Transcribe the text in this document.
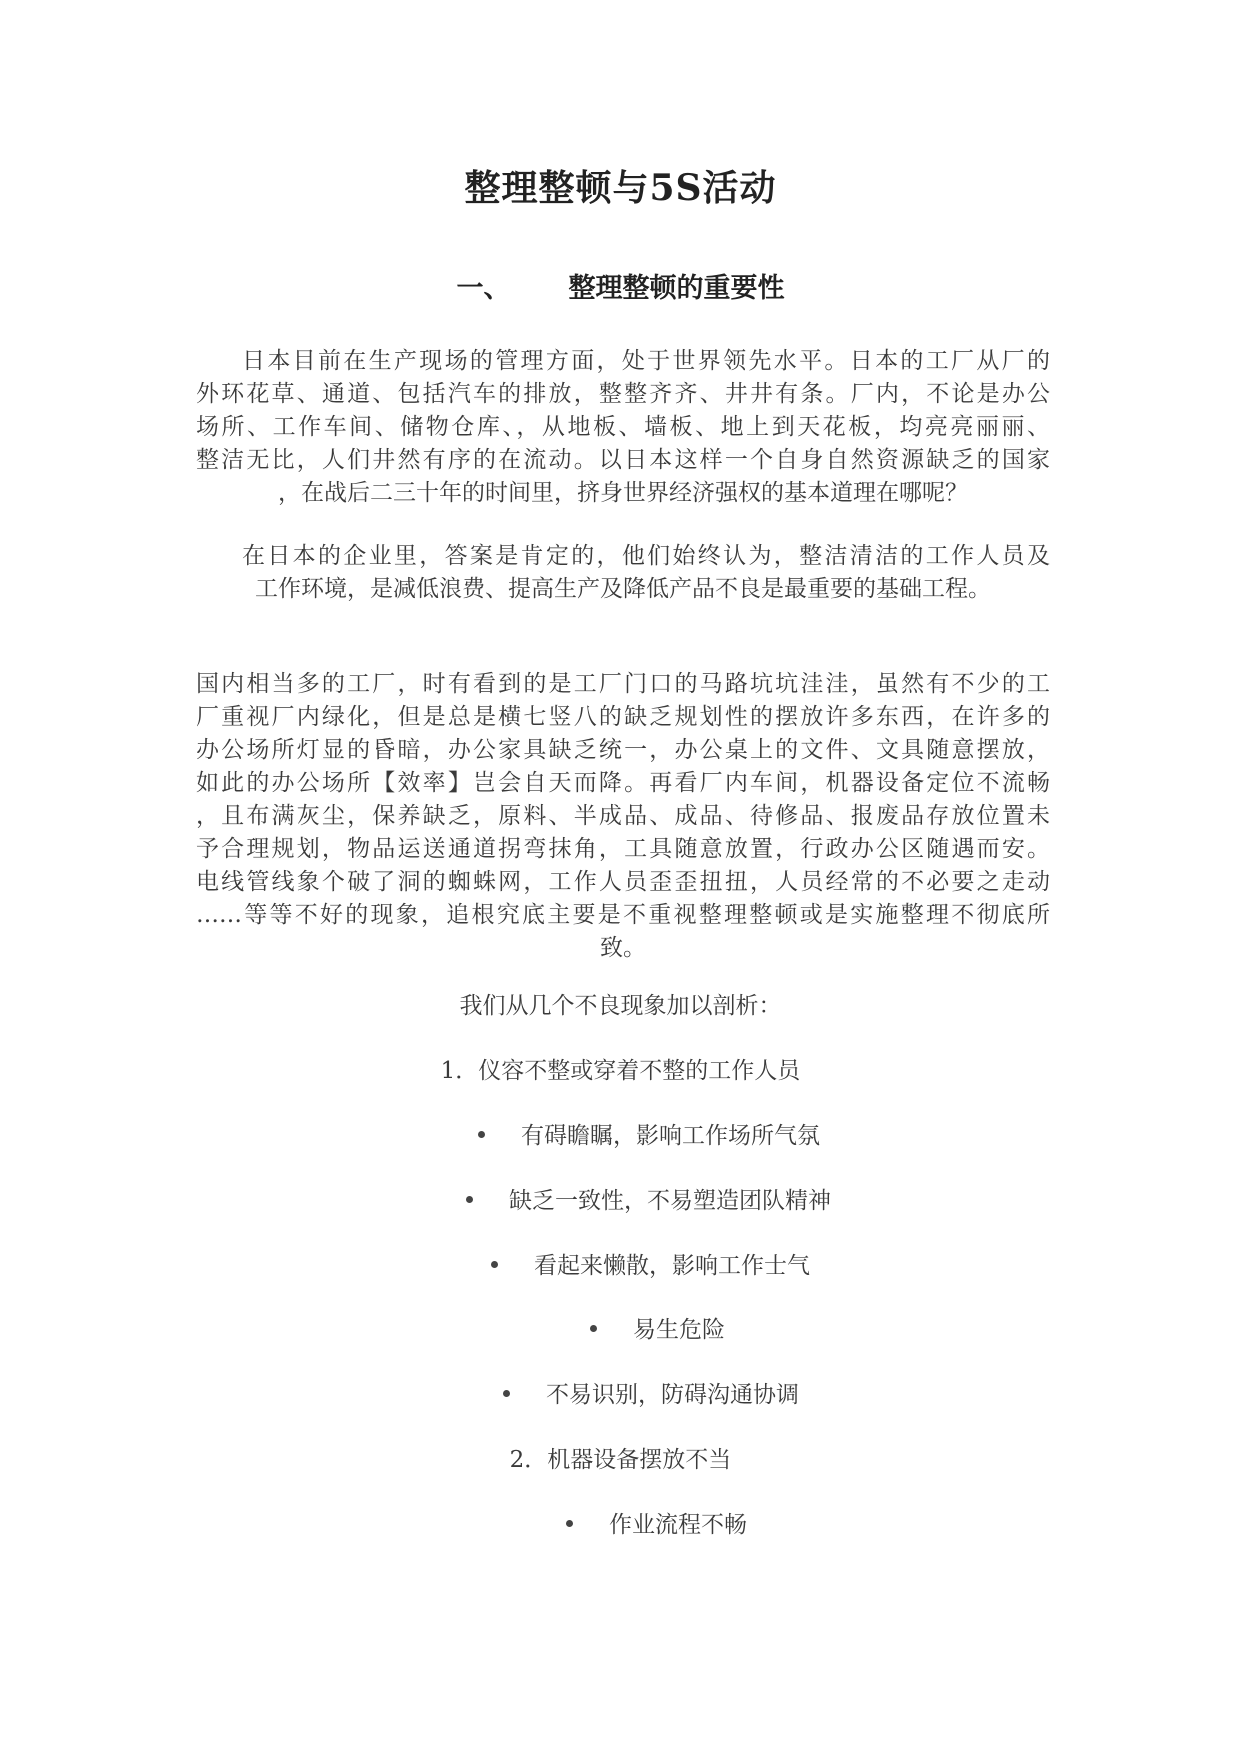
整理整顿与5S活动
一、 整理整顿的重要性
日本目前在生产现场的管理方面，处于世界领先水平。日本的工厂从厂的
外环花草、通道、包括汽车的排放，整整齐齐、井井有条。厂内，不论是办公
场所、工作车间、储物仓库、，从地板、墙板、地上到天花板，均亮亮丽丽、
整洁无比，人们井然有序的在流动。以日本这样一个自身自然资源缺乏的国家
，在战后二三十年的时间里，挤身世界经济强权的基本道理在哪呢？
在日本的企业里，答案是肯定的，他们始终认为，整洁清洁的工作人员及
工作环境，是减低浪费、提高生产及降低产品不良是最重要的基础工程。
国内相当多的工厂，时有看到的是工厂门口的马路坑坑洼洼，虽然有不少的工
厂重视厂内绿化，但是总是横七竖八的缺乏规划性的摆放许多东西，在许多的
办公场所灯显的昏暗，办公家具缺乏统一，办公桌上的文件、文具随意摆放，
如此的办公场所【效率】岂会自天而降。再看厂内车间，机器设备定位不流畅
，且布满灰尘，保养缺乏，原料、半成品、成品、待修品、报废品存放位置未
予合理规划，物品运送通道拐弯抹角，工具随意放置，行政办公区随遇而安。
电线管线象个破了洞的蜘蛛网，工作人员歪歪扭扭，人员经常的不必要之走动
……等等不好的现象，追根究底主要是不重视整理整顿或是实施整理不彻底所
致。
我们从几个不良现象加以剖析：
1．仪容不整或穿着不整的工作人员
有碍瞻瞩，影响工作场所气氛
缺乏一致性，不易塑造团队精神
看起来懒散，影响工作士气
易生危险
不易识别，防碍沟通协调
2．机器设备摆放不当
作业流程不畅
